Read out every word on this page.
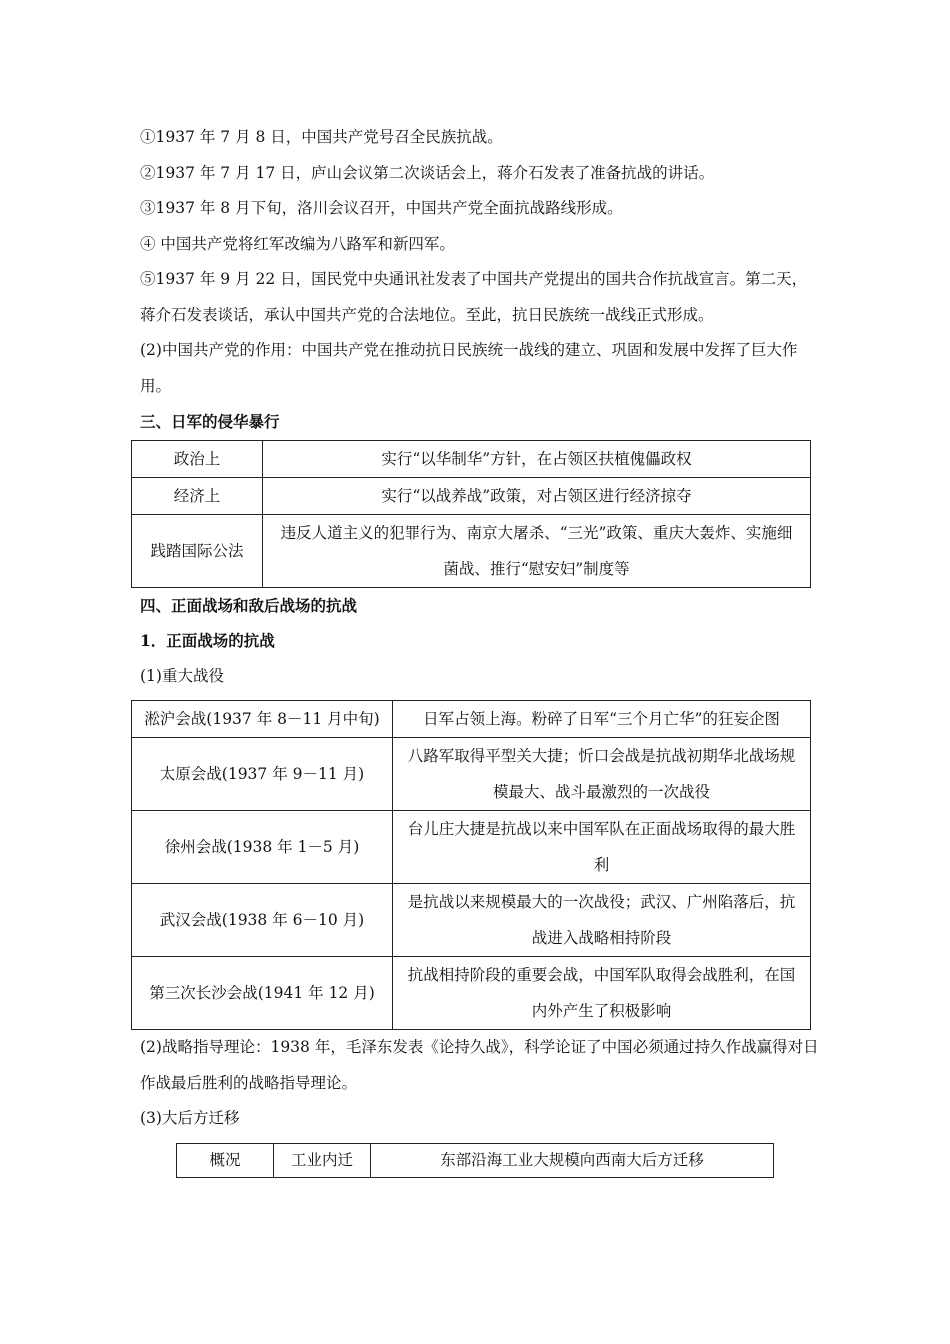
①1937 年 7 月 8 日，中国共产党号召全民族抗战。

②1937 年 7 月 17 日，庐山会议第二次谈话会上，蒋介石发表了准备抗战的讲话。

③1937 年 8 月下旬，洛川会议召开，中国共产党全面抗战路线形成。

④ 中国共产党将红军改编为八路军和新四军。

⑤1937 年 9 月 22 日，国民党中央通讯社发表了中国共产党提出的国共合作抗战宣言。第二天，蒋介石发表谈话，承认中国共产党的合法地位。至此，抗日民族统一战线正式形成。

(2)中国共产党的作用：中国共产党在推动抗日民族统一战线的建立、巩固和发展中发挥了巨大作用。

三、日军的侵华暴行

政治上	实行“以华制华”方针，在占领区扶植傀儡政权
经济上	实行“以战养战”政策，对占领区进行经济掠夺
践踏国际公法	违反人道主义的犯罪行为、南京大屠杀、“三光”政策、重庆大轰炸、实施细菌战、推行“慰安妇”制度等

四、正面战场和敌后战场的抗战

1．正面战场的抗战

(1)重大战役

淞沪会战(1937 年 8－11 月中旬)	日军占领上海。粉碎了日军“三个月亡华”的狂妄企图
太原会战(1937 年 9－11 月)	八路军取得平型关大捷；忻口会战是抗战初期华北战场规模最大、战斗最激烈的一次战役
徐州会战(1938 年 1－5 月)	台儿庄大捷是抗战以来中国军队在正面战场取得的最大胜利
武汉会战(1938 年 6－10 月)	是抗战以来规模最大的一次战役；武汉、广州陷落后，抗战进入战略相持阶段
第三次长沙会战(1941 年 12 月)	抗战相持阶段的重要会战，中国军队取得会战胜利，在国内外产生了积极影响

(2)战略指导理论：1938 年，毛泽东发表《论持久战》，科学论证了中国必须通过持久作战赢得对日作战最后胜利的战略指导理论。

(3)大后方迁移

概况	工业内迁	东部沿海工业大规模向西南大后方迁移
